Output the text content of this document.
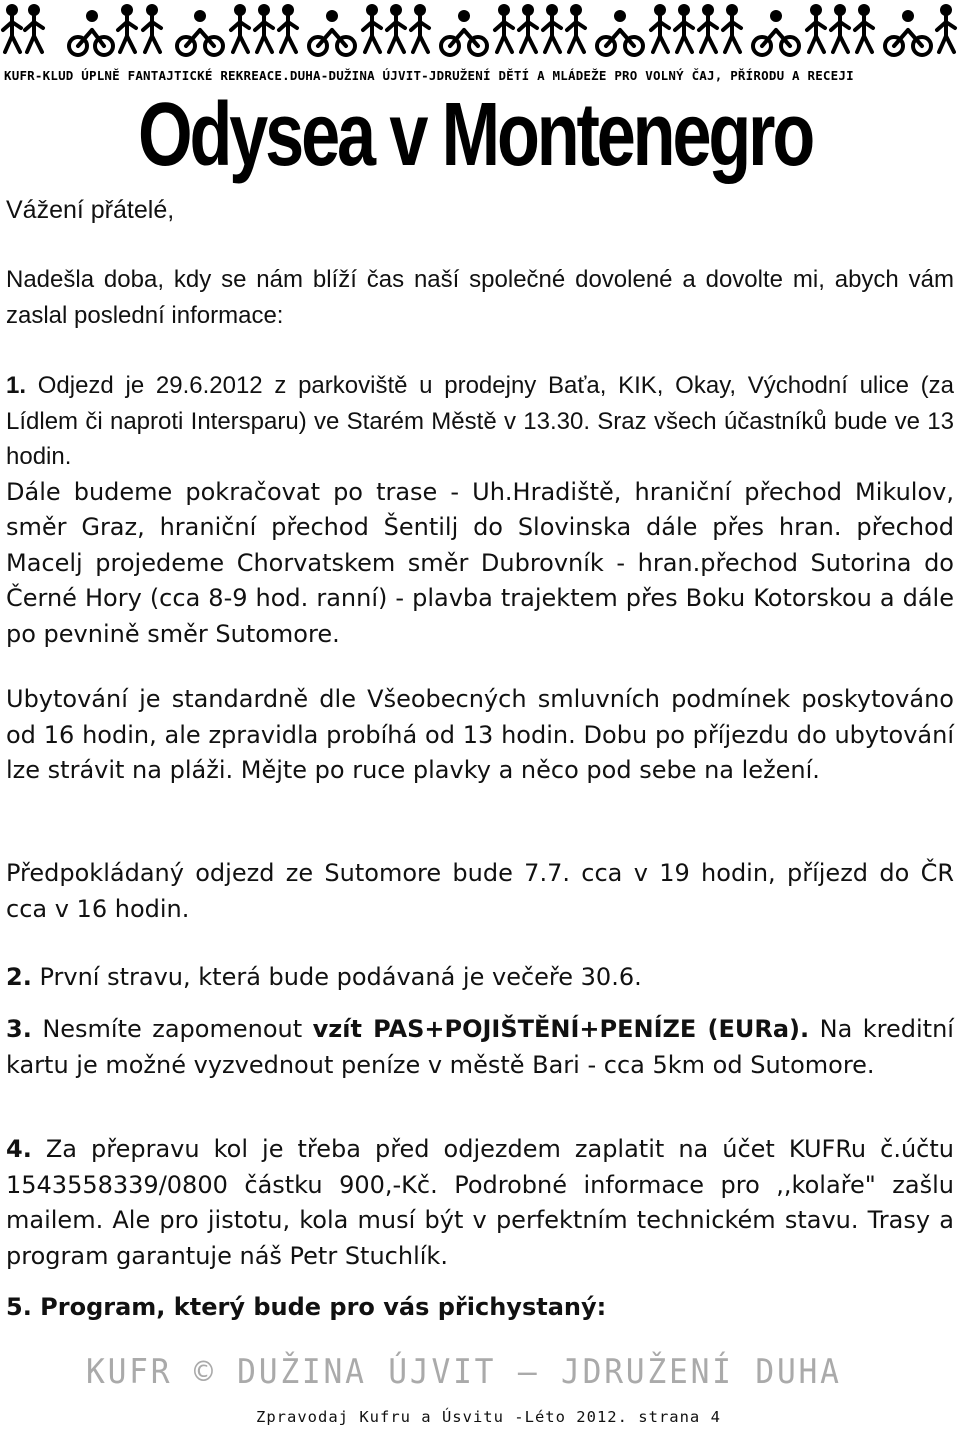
KUFR-KLUD ÚPLNĚ FANTAJTICKÉ REKREACE.DUHA-DUŽINA ÚJVIT-JDRUŽENÍ DĚTÍ A MLÁDEŽE PRO VOLNÝ ČAJ, PŘÍRODU A RECEJI
Odysea v Montenegro
Vážení přátelé,

Nadešla doba, kdy se nám blíží čas naší společné dovolené a dovolte mi, abych vám zaslal poslední informace:

1. Odjezd je 29.6.2012 z parkoviště u prodejny Baťa, KIK, Okay, Východní ulice (za Lídlem či naproti Intersparu) ve Starém Městě v 13.30. Sraz všech účastníků bude ve 13 hodin.

Dále budeme pokračovat po trase - Uh.Hradiště, hraniční přechod Mikulov, směr Graz, hraniční přechod Šentilj do Slovinska dále přes hran. přechod Macelj projedeme Chorvatskem směr Dubrovník - hran.přechod Sutorina do Černé Hory (cca 8-9 hod. ranní) - plavba trajektem přes Boku Kotorskou a dále po pevnině směr Sutomore.

Ubytování je standardně dle Všeobecných smluvních podmínek poskytováno od 16 hodin, ale zpravidla probíhá od 13 hodin. Dobu po příjezdu do ubytování lze strávit na pláži. Mějte po ruce plavky a něco pod sebe na ležení.

Předpokládaný odjezd ze Sutomore bude 7.7. cca v 19 hodin, příjezd do ČR cca v 16 hodin.

2. První stravu, která bude podávaná je večeře 30.6.

3. Nesmíte zapomenout vzít PAS+POJIŠTĚNÍ+PENÍZE (EURa). Na kreditní kartu je možné vyzvednout peníze v městě Bari - cca 5km od Sutomore.

4. Za přepravu kol je třeba před odjezdem zaplatit na účet KUFRu č.účtu 1543558339/0800 částku 900,-Kč. Podrobné informace pro ,,kolaře" zašlu mailem. Ale pro jistotu, kola musí být v perfektním technickém stavu. Trasy a program garantuje náš Petr Stuchlík.

5. Program, který bude pro vás přichystaný:

KUFR © DUŽINA ÚJVIT – JDRUŽENÍ DUHA
Zpravodaj Kufru a Úsvitu -Léto 2012. strana 4
